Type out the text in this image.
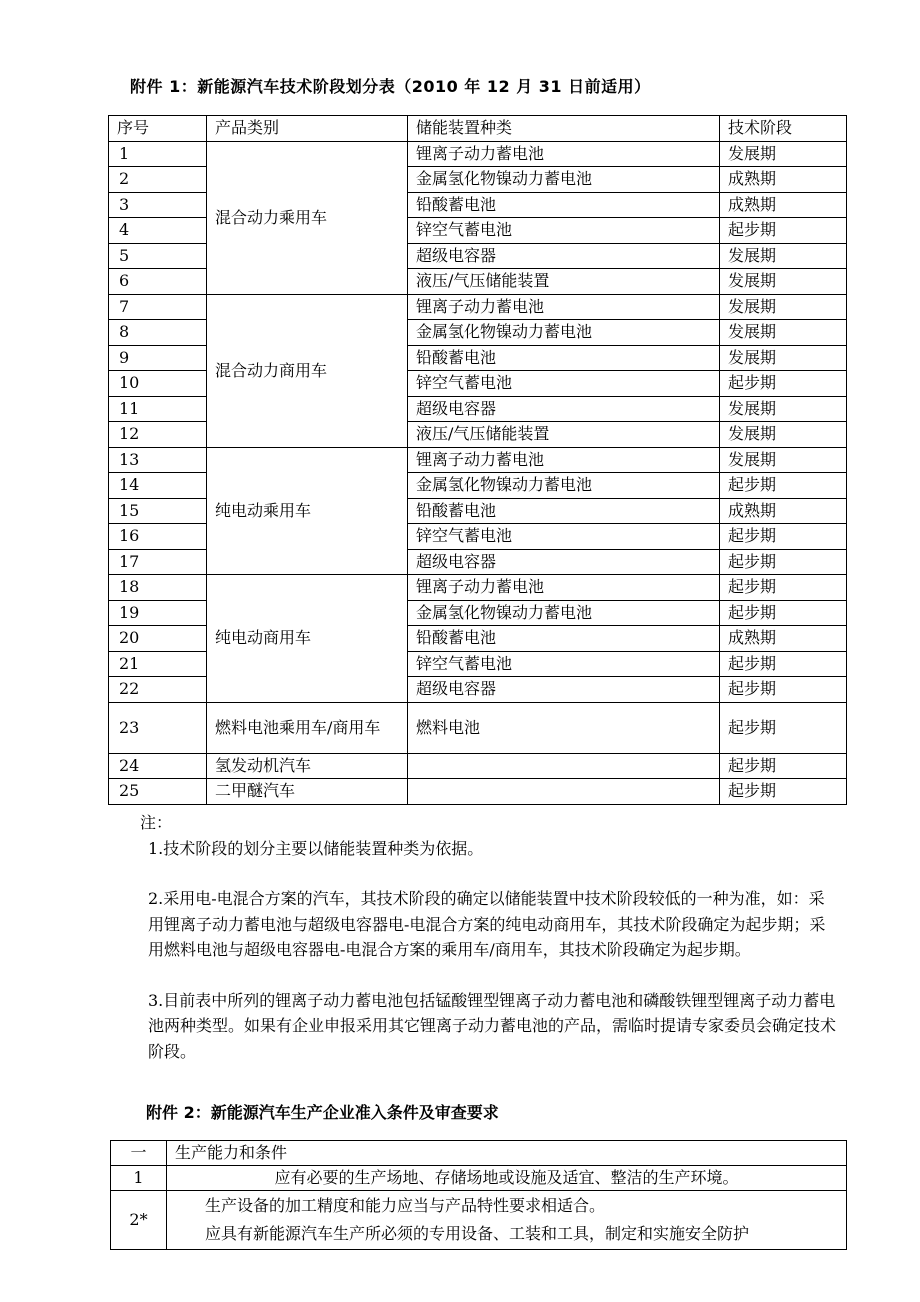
附件 1：新能源汽车技术阶段划分表（2010 年 12 月 31 日前适用）
序号	产品类别	储能装置种类	技术阶段
1	混合动力乘用车	锂离子动力蓄电池	发展期
2		金属氢化物镍动力蓄电池	成熟期
3		铅酸蓄电池	成熟期
4		锌空气蓄电池	起步期
5		超级电容器	发展期
6		液压/气压储能装置	发展期
7	混合动力商用车	锂离子动力蓄电池	发展期
8		金属氢化物镍动力蓄电池	发展期
9		铅酸蓄电池	发展期
10		锌空气蓄电池	起步期
11		超级电容器	发展期
12		液压/气压储能装置	发展期
13	纯电动乘用车	锂离子动力蓄电池	发展期
14		金属氢化物镍动力蓄电池	起步期
15		铅酸蓄电池	成熟期
16		锌空气蓄电池	起步期
17		超级电容器	起步期
18	纯电动商用车	锂离子动力蓄电池	起步期
19		金属氢化物镍动力蓄电池	起步期
20		铅酸蓄电池	成熟期
21		锌空气蓄电池	起步期
22		超级电容器	起步期
23	燃料电池乘用车/商用车	燃料电池	起步期
24	氢发动机汽车		起步期
25	二甲醚汽车		起步期

注：

1.技术阶段的划分主要以储能装置种类为依据。

2.采用电-电混合方案的汽车，其技术阶段的确定以储能装置中技术阶段较低的一种为准，如：采用锂离子动力蓄电池与超级电容器电-电混合方案的纯电动商用车，其技术阶段确定为起步期；采用燃料电池与超级电容器电-电混合方案的乘用车/商用车，其技术阶段确定为起步期。

3.目前表中所列的锂离子动力蓄电池包括锰酸锂型锂离子动力蓄电池和磷酸铁锂型锂离子动力蓄电池两种类型。如果有企业申报采用其它锂离子动力蓄电池的产品，需临时提请专家委员会确定技术阶段。

附件 2：新能源汽车生产企业准入条件及审查要求
一	生产能力和条件
1	应有必要的生产场地、存储场地或设施及适宜、整洁的生产环境。
2*	生产设备的加工精度和能力应当与产品特性要求相适合。
应具有新能源汽车生产所必须的专用设备、工装和工具，制定和实施安全防护
